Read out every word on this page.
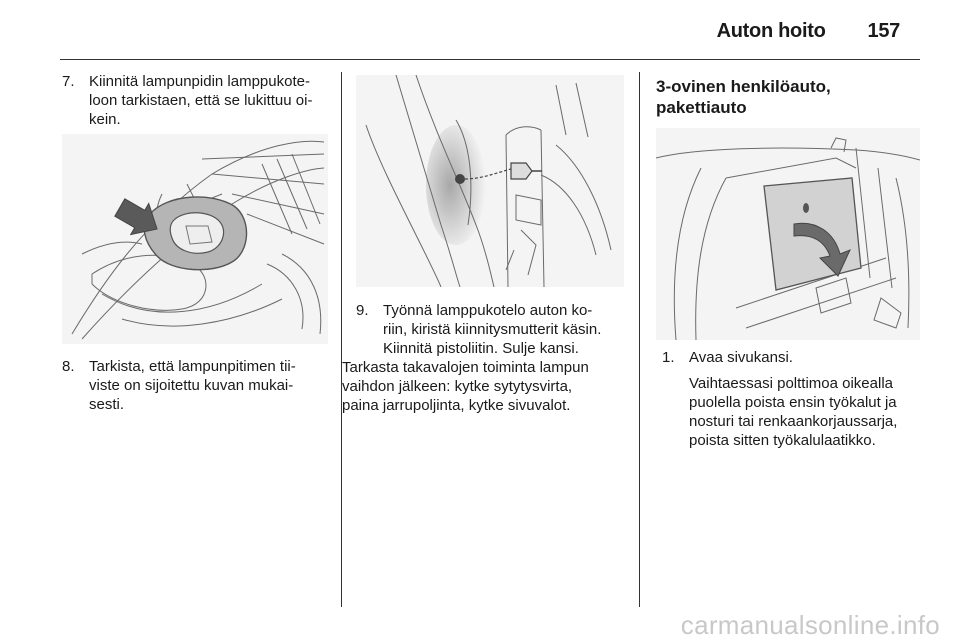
Auton hoito 157
7. Kiinnitä lampunpidin lamppukote-
loon tarkistaen, että se lukittuu oi-
kein.
8. Tarkista, että lampunpitimen tii-
viste on sijoitettu kuvan mukai-
sesti.
9. Työnnä lamppukotelo auton ko-
riin, kiristä kiinnitysmutterit käsin.
Kiinnitä pistoliitin. Sulje kansi.
Tarkasta takavalojen toiminta lampun
vaihdon jälkeen: kytke sytytysvirta,
paina jarrupoljinta, kytke sivuvalot.
3-ovinen henkilöauto,
pakettiauto
1. Avaa sivukansi.
Vaihtaessasi polttimoa oikealla
puolella poista ensin työkalut ja
nosturi tai renkaankorjaussarja,
poista sitten työkalulaatikko.
carmanualsonline.info
